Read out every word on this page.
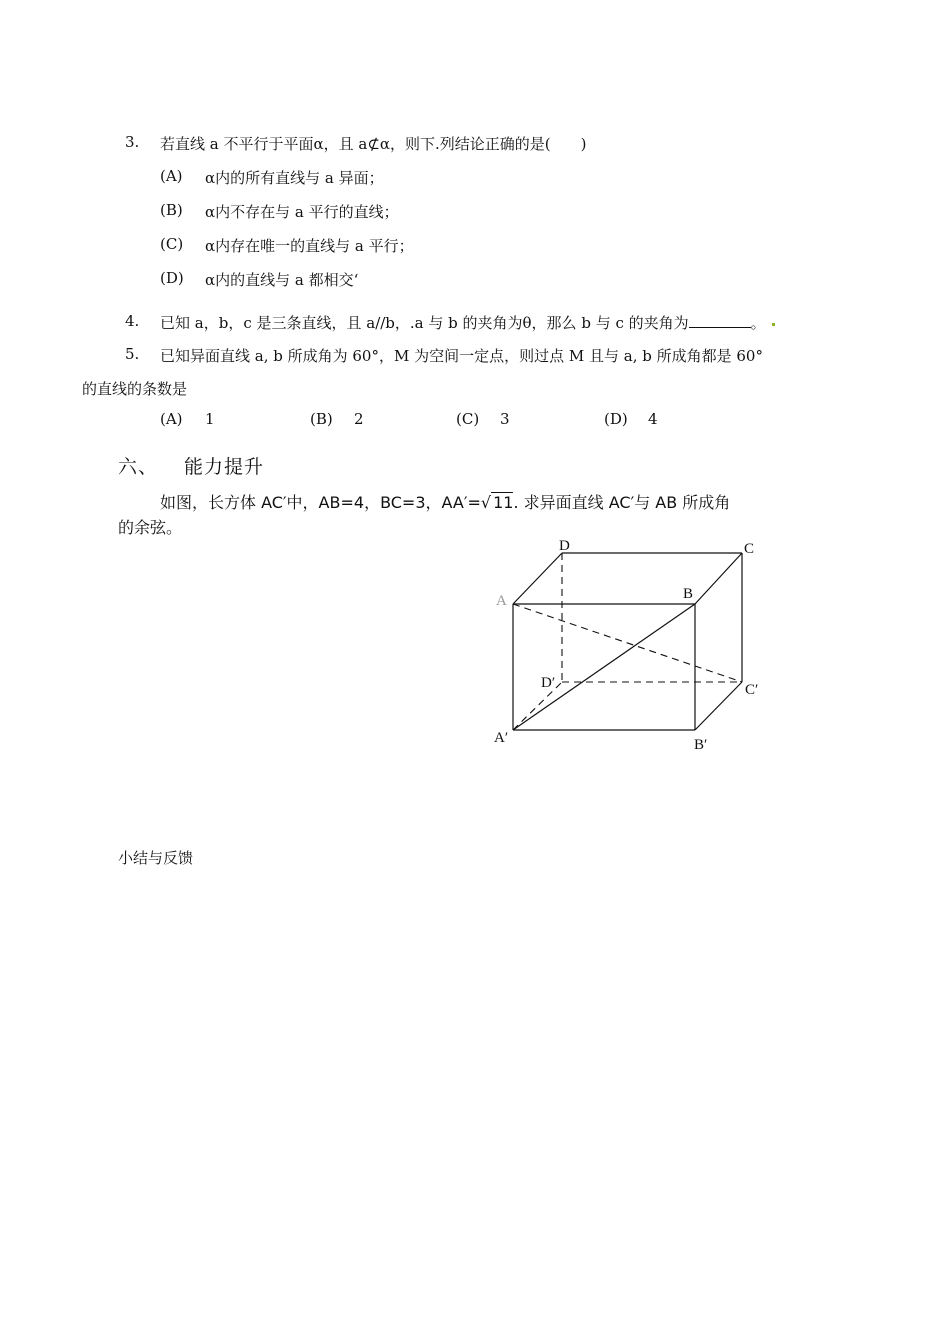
3. 若直线 a 不平行于平面α，且 a⊄α，则下.列结论正确的是(　　)
(A) α内的所有直线与 a 异面；
(B) α内不存在与 a 平行的直线；
(C) α内存在唯一的直线与 a 平行；
(D) α内的直线与 a 都相交‘
4. 已知 a，b，c 是三条直线，且 a//b，.a 与 b 的夹角为θ，那么 b 与 c 的夹角为	。
5. 已知异面直线 a, b 所成角为 60°，M 为空间一定点，则过点 M 且与 a, b 所成角都是 60°
的直线的条数是
(A) 1	(B) 2	(C) 3	(D) 4
六、 能力提升
如图，长方体 AC′中，AB=4，BC=3，AA′=√ 11. 求异面直线 AC′与 AB 所成角
的余弦。
D	C
A	B
D′	C′
A′	B′
小结与反馈
